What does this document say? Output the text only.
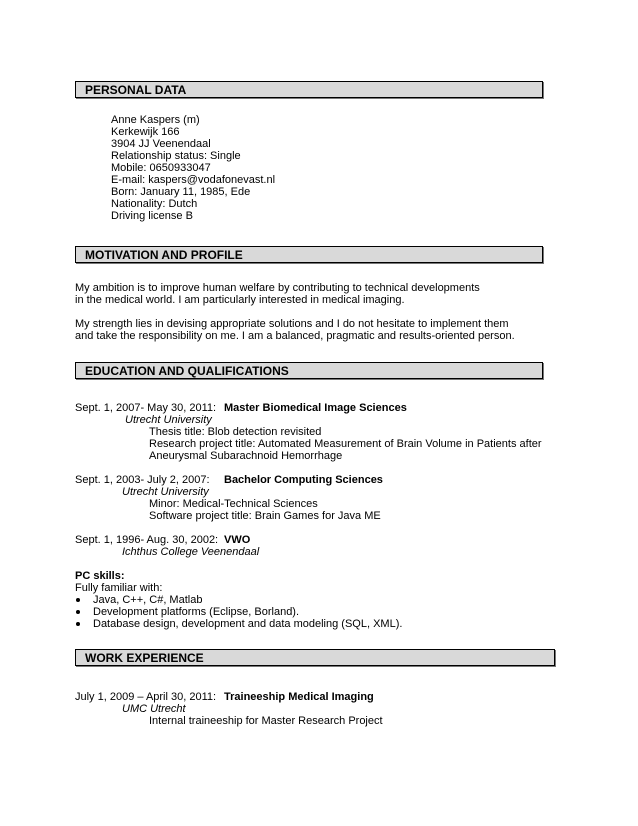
PERSONAL DATA
Anne Kaspers (m)
Kerkewijk 166
3904 JJ Veenendaal
Relationship status: Single
Mobile: 0650933047
E-mail: kaspers@vodafonevast.nl
Born: January 11, 1985, Ede
Nationality: Dutch
Driving license B
MOTIVATION AND PROFILE
My ambition is to improve human welfare by contributing to technical developments
in the medical world. I am particularly interested in medical imaging.
My strength lies in devising appropriate solutions and I do not hesitate to implement them
and take the responsibility on me. I am a balanced, pragmatic and results-oriented person.
EDUCATION AND QUALIFICATIONS
Sept. 1, 2007- May 30, 2011: Master Biomedical Image Sciences
Utrecht University
Thesis title: Blob detection revisited
Research project title: Automated Measurement of Brain Volume in Patients after
Aneurysmal Subarachnoid Hemorrhage
Sept. 1, 2003- July 2, 2007: Bachelor Computing Sciences
Utrecht University
Minor: Medical-Technical Sciences
Software project title: Brain Games for Java ME
Sept. 1, 1996- Aug. 30, 2002: VWO
Ichthus College Veenendaal
PC skills:
Fully familiar with:
Java, C++, C#, Matlab
Development platforms (Eclipse, Borland).
Database design, development and data modeling (SQL, XML).
WORK EXPERIENCE
July 1, 2009 – April 30, 2011: Traineeship Medical Imaging
UMC Utrecht
Internal traineeship for Master Research Project
